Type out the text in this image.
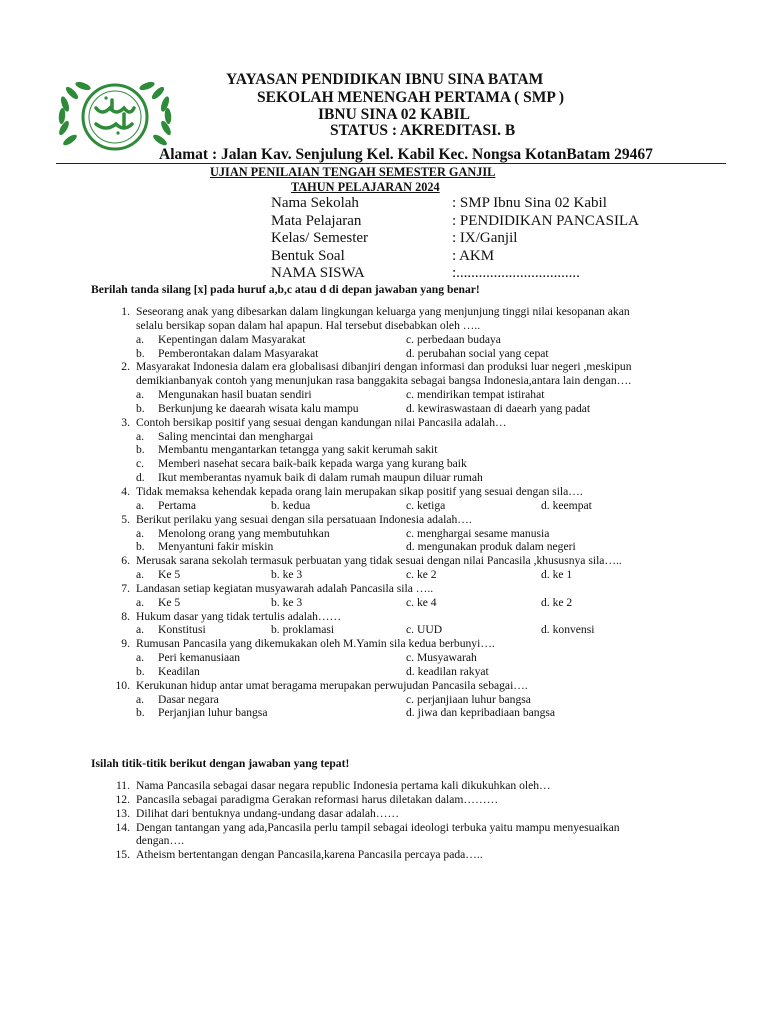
YAYASAN PENDIDIKAN IBNU SINA BATAM
SEKOLAH MENENGAH PERTAMA ( SMP )
IBNU SINA 02 KABIL
STATUS : AKREDITASI. B
Alamat : Jalan Kav. Senjulung Kel. Kabil Kec. Nongsa KotanBatam 29467
UJIAN PENILAIAN TENGAH SEMESTER GANJIL
TAHUN PELAJARAN 2024
Nama Sekolah	: SMP Ibnu Sina 02 Kabil
Mata Pelajaran	: PENDIDIKAN PANCASILA
Kelas/ Semester	: IX/Ganjil
Bentuk Soal	: AKM
NAMA SISWA	:.................................
Berilah tanda silang [x] pada huruf a,b,c atau d di depan jawaban yang benar!
1. Seseorang anak yang dibesarkan dalam lingkungan keluarga yang menjunjung tinggi nilai kesopanan akan selalu bersikap sopan dalam hal apapun. Hal tersebut disebabkan oleh …..
a.	Kepentingan dalam Masyarakat	c. perbedaan budaya
b.	Pemberontakan dalam Masyarakat	d. perubahan social yang cepat
2. Masyarakat Indonesia dalam era globalisasi dibanjiri dengan informasi dan produksi luar negeri ,meskipun demikianbanyak contoh yang menunjukan rasa banggakita sebagai bangsa Indonesia,antara lain dengan….
a.	Mengunakan hasil buatan sendiri	c. mendirikan tempat istirahat
b.	Berkunjung ke daearah wisata kalu mampu	d. kewiraswastaan di daearh yang padat
3. Contoh bersikap positif yang sesuai dengan kandungan nilai Pancasila adalah…
a.	Saling mencintai dan menghargai
b.	Membantu mengantarkan tetangga yang sakit kerumah sakit
c.	Memberi nasehat secara baik-baik kepada warga yang kurang baik
d.	Ikut memberantas nyamuk baik di dalam rumah maupun diluar rumah
4. Tidak memaksa kehendak kepada orang lain merupakan sikap positif yang sesuai dengan sila….
a.	Pertama	b. kedua	c. ketiga	d. keempat
5. Berikut perilaku yang sesuai dengan sila persatuaan Indonesia adalah….
a.	Menolong orang yang membutuhkan	c. menghargai sesame manusia
b.	Menyantuni fakir miskin	d. mengunakan produk dalam negeri
6. Merusak sarana sekolah termasuk perbuatan yang tidak sesuai dengan nilai Pancasila ,khususnya sila…..
a.	Ke 5	b. ke 3	c. ke 2	d. ke 1
7. Landasan setiap kegiatan musyawarah adalah Pancasila sila …..
a.	Ke 5	b. ke 3	c. ke 4	d. ke 2
8. Hukum dasar yang tidak tertulis adalah……
a.	Konstitusi	b. proklamasi	c. UUD	d. konvensi
9. Rumusan Pancasila yang dikemukakan oleh M.Yamin sila kedua berbunyi….
a.	Peri kemanusiaan	c. Musyawarah
b.	Keadilan	d. keadilan rakyat
10. Kerukunan hidup antar umat beragama merupakan perwujudan Pancasila sebagai….
a.	Dasar negara	c. perjanjiaan luhur bangsa
b.	Perjanjian luhur bangsa	d. jiwa dan kepribadiaan bangsa
Isilah titik-titik berikut dengan jawaban yang tepat!
11. Nama Pancasila sebagai dasar negara republic Indonesia pertama kali dikukuhkan oleh…
12. Pancasila sebagai paradigma Gerakan reformasi harus diletakan dalam………
13. Dilihat dari bentuknya undang-undang dasar adalah……
14. Dengan tantangan yang ada,Pancasila perlu tampil sebagai ideologi terbuka yaitu mampu menyesuaikan dengan….
15. Atheism bertentangan dengan Pancasila,karena Pancasila percaya pada…..
